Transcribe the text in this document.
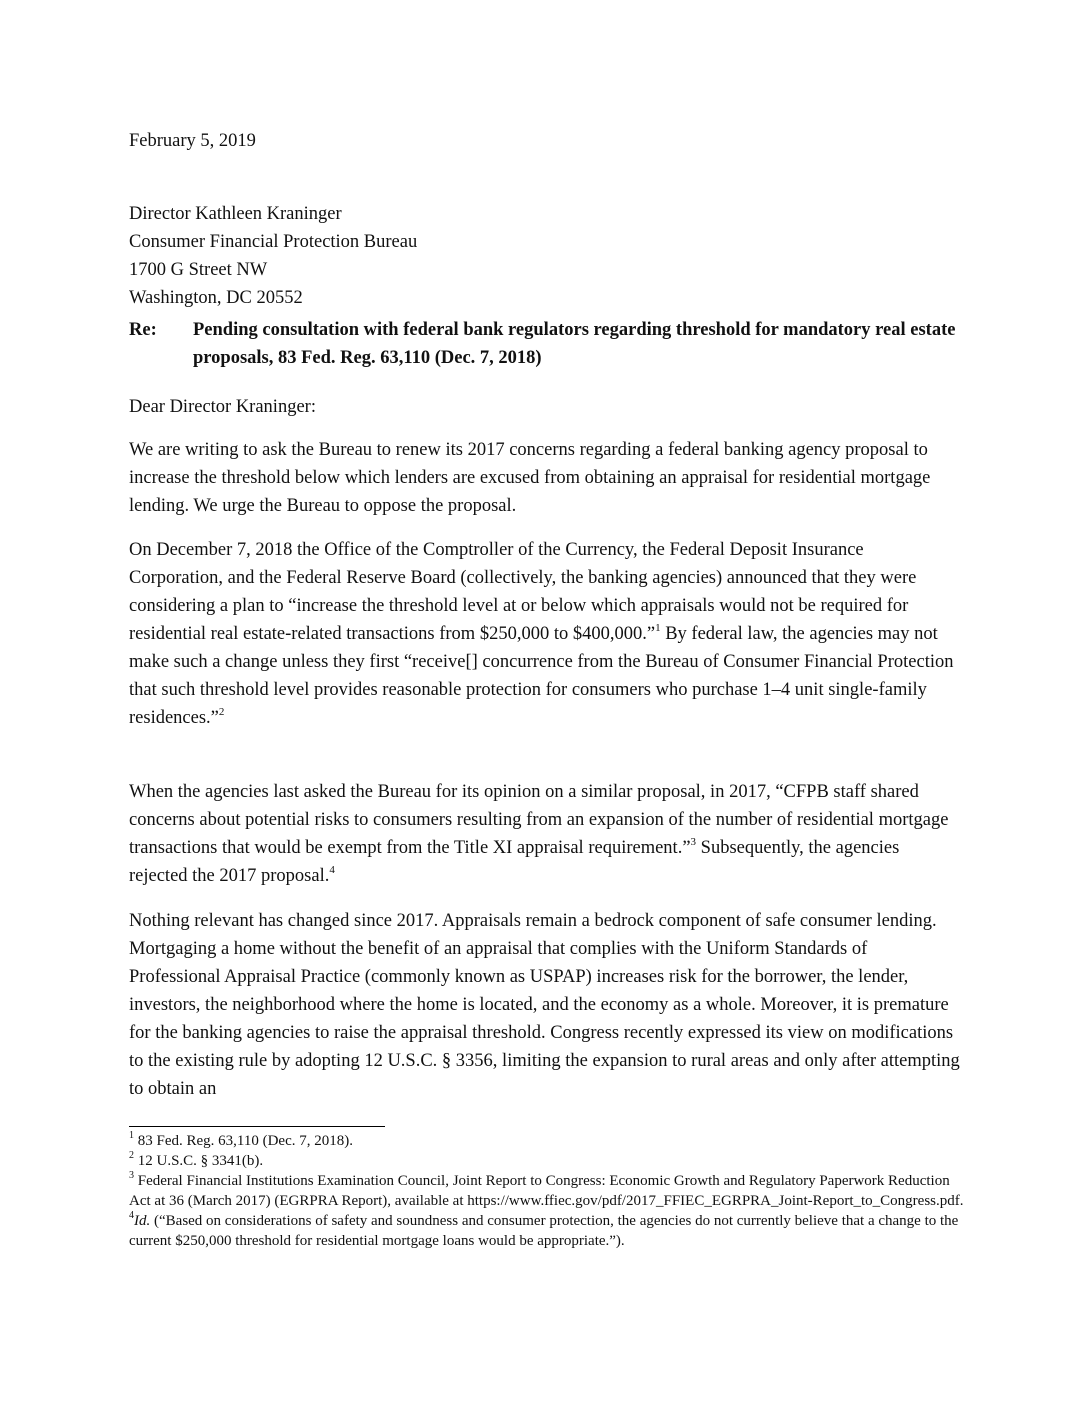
February 5, 2019
Director Kathleen Kraninger
Consumer Financial Protection Bureau
1700 G Street NW
Washington, DC 20552
Re:	Pending consultation with federal bank regulators regarding threshold for mandatory real estate proposals, 83 Fed. Reg. 63,110 (Dec. 7, 2018)
Dear Director Kraninger:

We are writing to ask the Bureau to renew its 2017 concerns regarding a federal banking agency proposal to increase the threshold below which lenders are excused from obtaining an appraisal for residential mortgage lending. We urge the Bureau to oppose the proposal.

On December 7, 2018 the Office of the Comptroller of the Currency, the Federal Deposit Insurance Corporation, and the Federal Reserve Board (collectively, the banking agencies) announced that they were considering a plan to “increase the threshold level at or below which appraisals would not be required for residential real estate-related transactions from $250,000 to $400,000.”$^1$ By federal law, the agencies may not make such a change unless they first “receive[] concurrence from the Bureau of Consumer Financial Protection that such threshold level provides reasonable protection for consumers who purchase 1–4 unit single-family residences.”$^2$

When the agencies last asked the Bureau for its opinion on a similar proposal, in 2017, “CFPB staff shared concerns about potential risks to consumers resulting from an expansion of the number of residential mortgage transactions that would be exempt from the Title XI appraisal requirement.”$^3$ Subsequently, the agencies rejected the 2017 proposal.$^4$

Nothing relevant has changed since 2017. Appraisals remain a bedrock component of safe consumer lending. Mortgaging a home without the benefit of an appraisal that complies with the Uniform Standards of Professional Appraisal Practice (commonly known as USPAP) increases risk for the borrower, the lender, investors, the neighborhood where the home is located, and the economy as a whole. Moreover, it is premature for the banking agencies to raise the appraisal threshold. Congress recently expressed its view on modifications to the existing rule by adopting 12 U.S.C. § 3356, limiting the expansion to rural areas and only after attempting to obtain an

$^1$ 83 Fed. Reg. 63,110 (Dec. 7, 2018).
$^2$ 12 U.S.C. § 3341(b).
$^3$ Federal Financial Institutions Examination Council, Joint Report to Congress: Economic Growth and Regulatory Paperwork Reduction Act at 36 (March 2017) (EGRPRA Report), available at https://www.ffiec.gov/pdf/2017_FFIEC_EGRPRA_Joint-Report_to_Congress.pdf.
$^4$Id. (“Based on considerations of safety and soundness and consumer protection, the agencies do not currently believe that a change to the current $250,000 threshold for residential mortgage loans would be appropriate.”).
